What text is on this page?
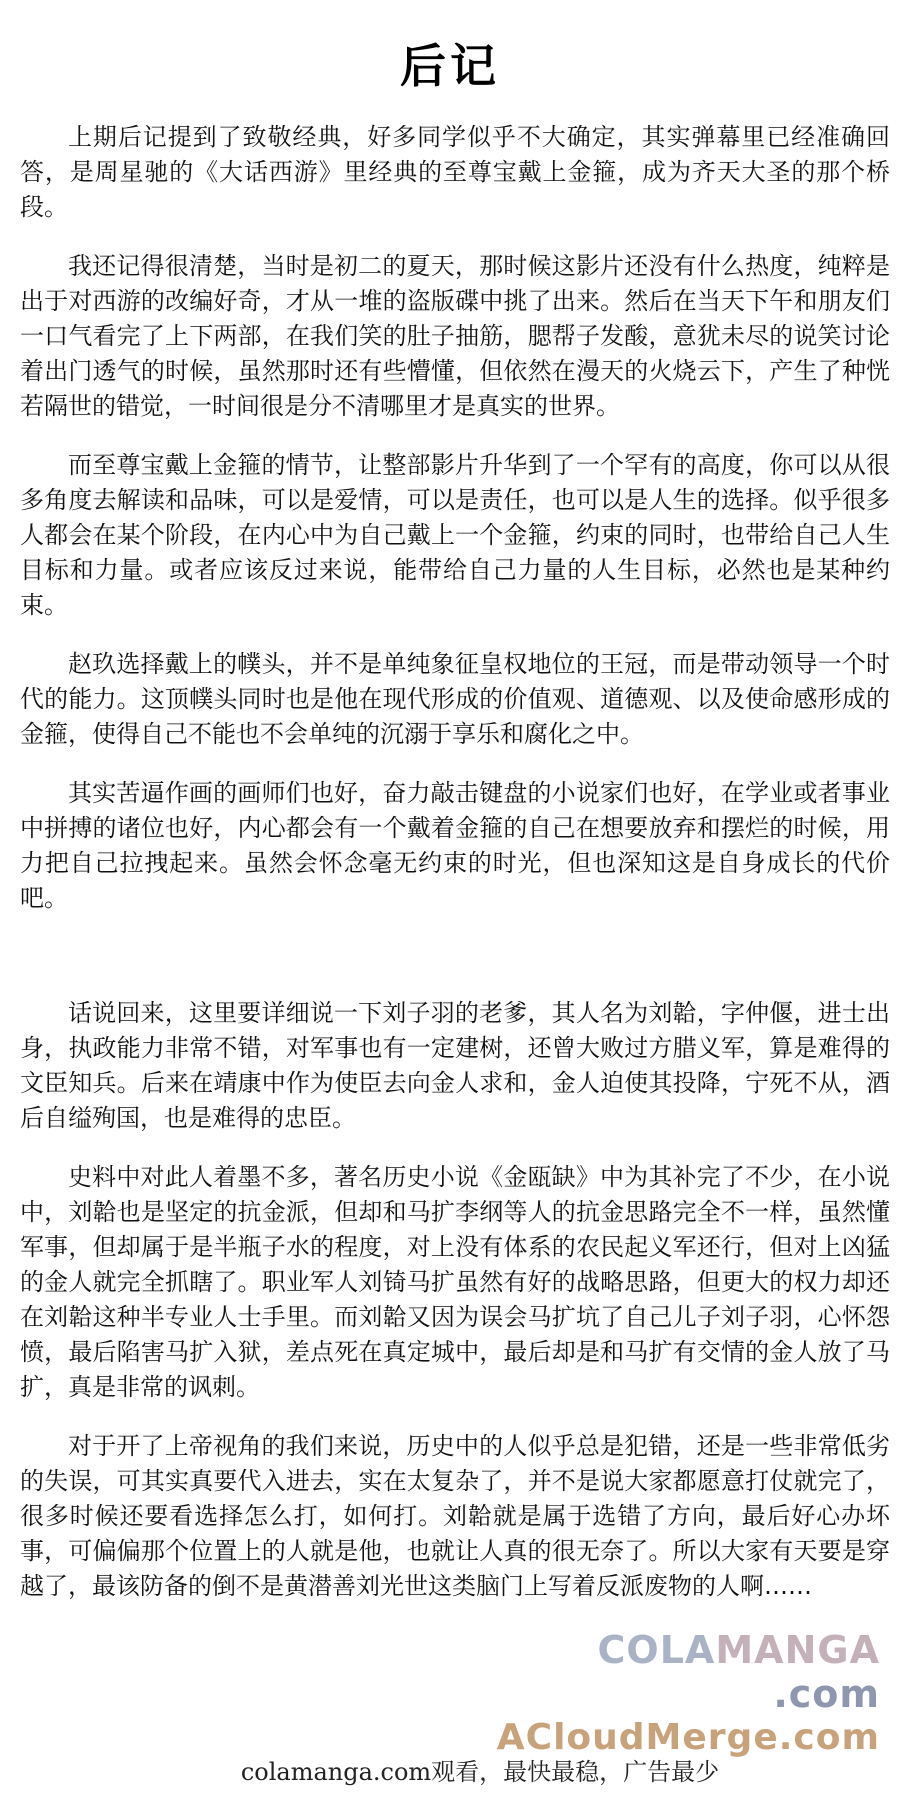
后记

上期后记提到了致敬经典，好多同学似乎不大确定，其实弹幕里已经准确回答，是周星驰的《大话西游》里经典的至尊宝戴上金箍，成为齐天大圣的那个桥段。

我还记得很清楚，当时是初二的夏天，那时候这影片还没有什么热度，纯粹是出于对西游的改编好奇，才从一堆的盗版碟中挑了出来。然后在当天下午和朋友们一口气看完了上下两部，在我们笑的肚子抽筋，腮帮子发酸，意犹未尽的说笑讨论着出门透气的时候，虽然那时还有些懵懂，但依然在漫天的火烧云下，产生了种恍若隔世的错觉，一时间很是分不清哪里才是真实的世界。

而至尊宝戴上金箍的情节，让整部影片升华到了一个罕有的高度，你可以从很多角度去解读和品味，可以是爱情，可以是责任，也可以是人生的选择。似乎很多人都会在某个阶段，在内心中为自己戴上一个金箍，约束的同时，也带给自己人生目标和力量。或者应该反过来说，能带给自己力量的人生目标，必然也是某种约束。

赵玖选择戴上的幞头，并不是单纯象征皇权地位的王冠，而是带动领导一个时代的能力。这顶幞头同时也是他在现代形成的价值观、道德观、以及使命感形成的金箍，使得自己不能也不会单纯的沉溺于享乐和腐化之中。

其实苦逼作画的画师们也好，奋力敲击键盘的小说家们也好，在学业或者事业中拼搏的诸位也好，内心都会有一个戴着金箍的自己在想要放弃和摆烂的时候，用力把自己拉拽起来。虽然会怀念毫无约束的时光，但也深知这是自身成长的代价吧。

话说回来，这里要详细说一下刘子羽的老爹，其人名为刘韐，字仲偃，进士出身，执政能力非常不错，对军事也有一定建树，还曾大败过方腊义军，算是难得的文臣知兵。后来在靖康中作为使臣去向金人求和，金人迫使其投降，宁死不从，酒后自缢殉国，也是难得的忠臣。

史料中对此人着墨不多，著名历史小说《金瓯缺》中为其补完了不少，在小说中，刘韐也是坚定的抗金派，但却和马扩李纲等人的抗金思路完全不一样，虽然懂军事，但却属于是半瓶子水的程度，对上没有体系的农民起义军还行，但对上凶猛的金人就完全抓瞎了。职业军人刘锜马扩虽然有好的战略思路，但更大的权力却还在刘韐这种半专业人士手里。而刘韐又因为误会马扩坑了自己儿子刘子羽，心怀怨愤，最后陷害马扩入狱，差点死在真定城中，最后却是和马扩有交情的金人放了马扩，真是非常的讽刺。

对于开了上帝视角的我们来说，历史中的人似乎总是犯错，还是一些非常低劣的失误，可其实真要代入进去，实在太复杂了，并不是说大家都愿意打仗就完了，很多时候还要看选择怎么打，如何打。刘韐就是属于选错了方向，最后好心办坏事，可偏偏那个位置上的人就是他，也就让人真的很无奈了。所以大家有天要是穿越了，最该防备的倒不是黄潜善刘光世这类脑门上写着反派废物的人啊……

COLAMANGA .com
ACloudMerge.com
colamanga.com观看，最快最稳，广告最少
